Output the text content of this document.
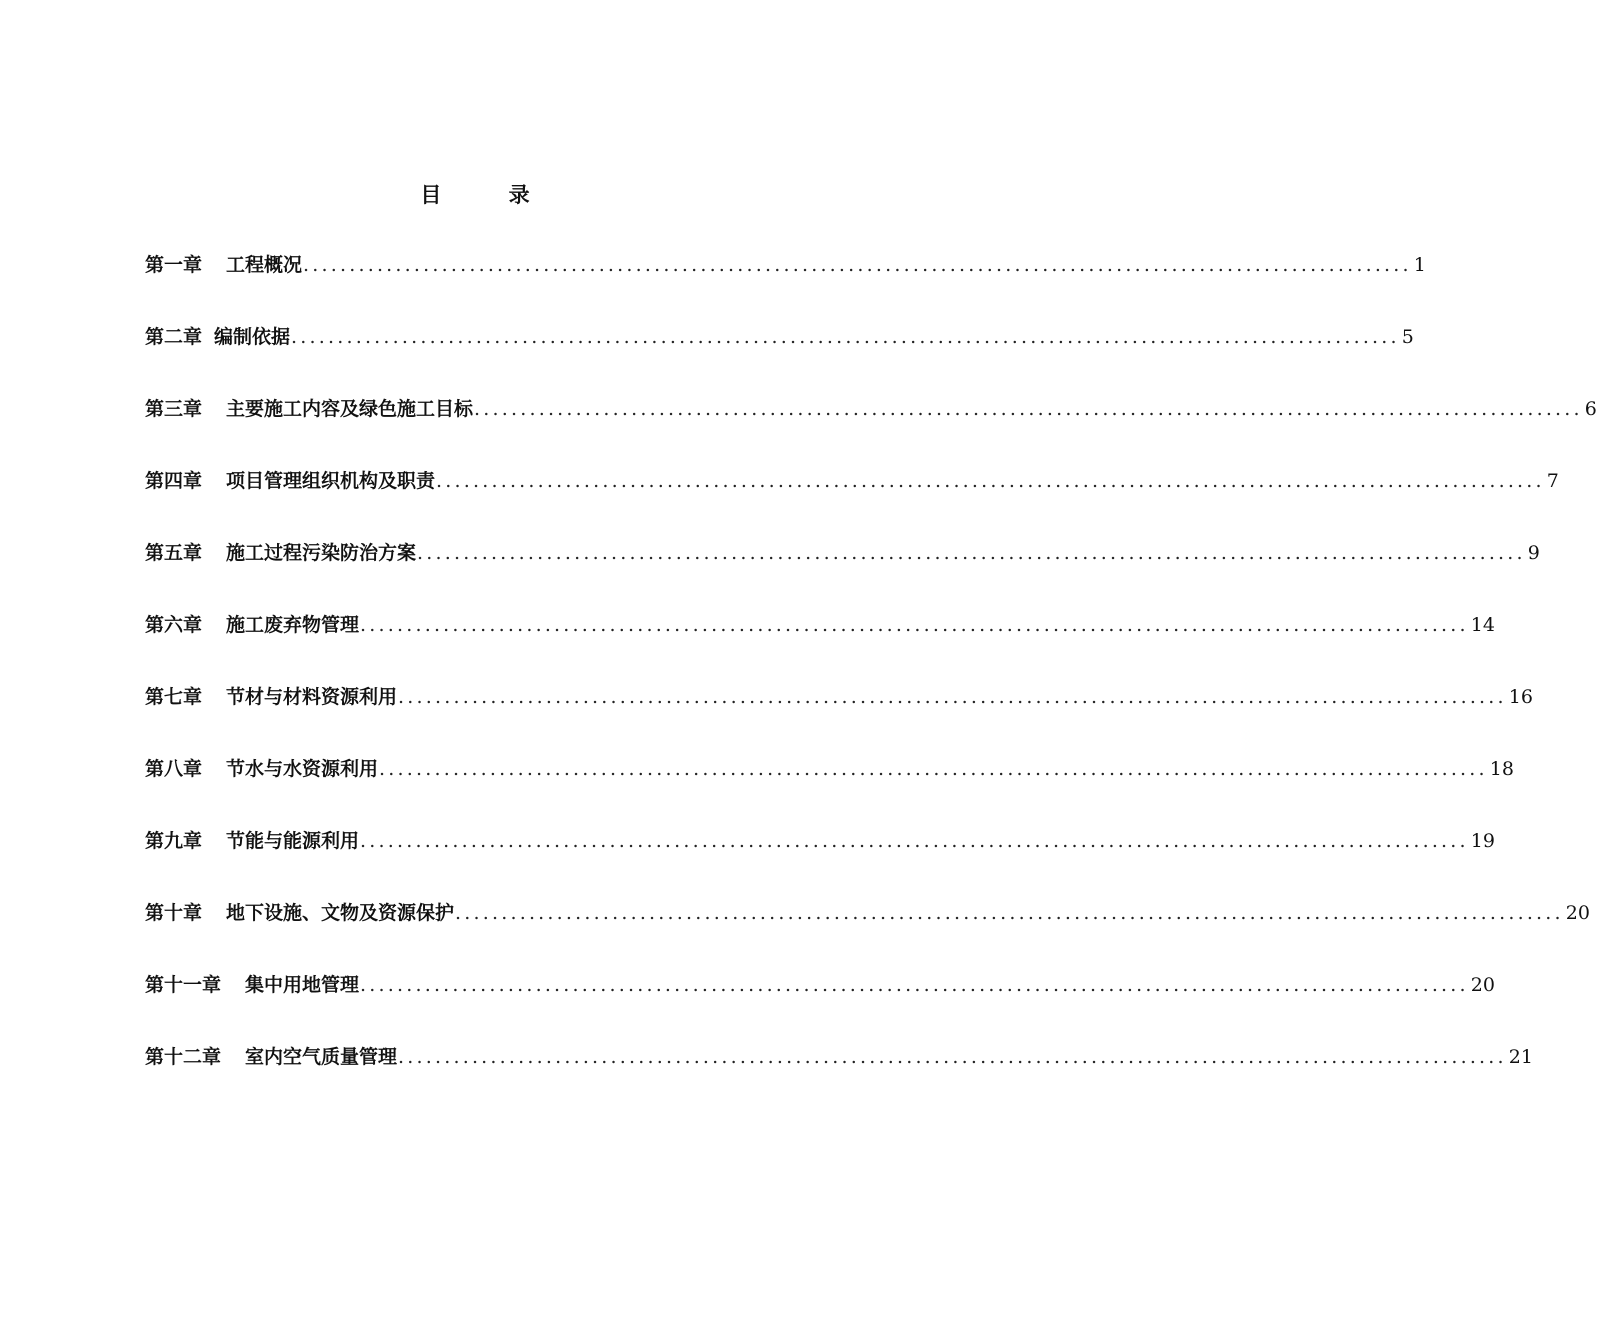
目 录
第一章 工程概况 ........................................................................................................................ 1
第二章 编制依据 ........................................................................................................................ 5
第三章 主要施工内容及绿色施工目标 ........................................................................................................................ 6
第四章 项目管理组织机构及职责 ........................................................................................................................ 7
第五章 施工过程污染防治方案 ........................................................................................................................ 9
第六章 施工废弃物管理 ........................................................................................................................ 14
第七章 节材与材料资源利用 ........................................................................................................................ 16
第八章 节水与水资源利用 ........................................................................................................................ 18
第九章 节能与能源利用 ........................................................................................................................ 19
第十章 地下设施、文物及资源保护 ........................................................................................................................ 20
第十一章 集中用地管理 ........................................................................................................................ 20
第十二章 室内空气质量管理 ........................................................................................................................ 21
